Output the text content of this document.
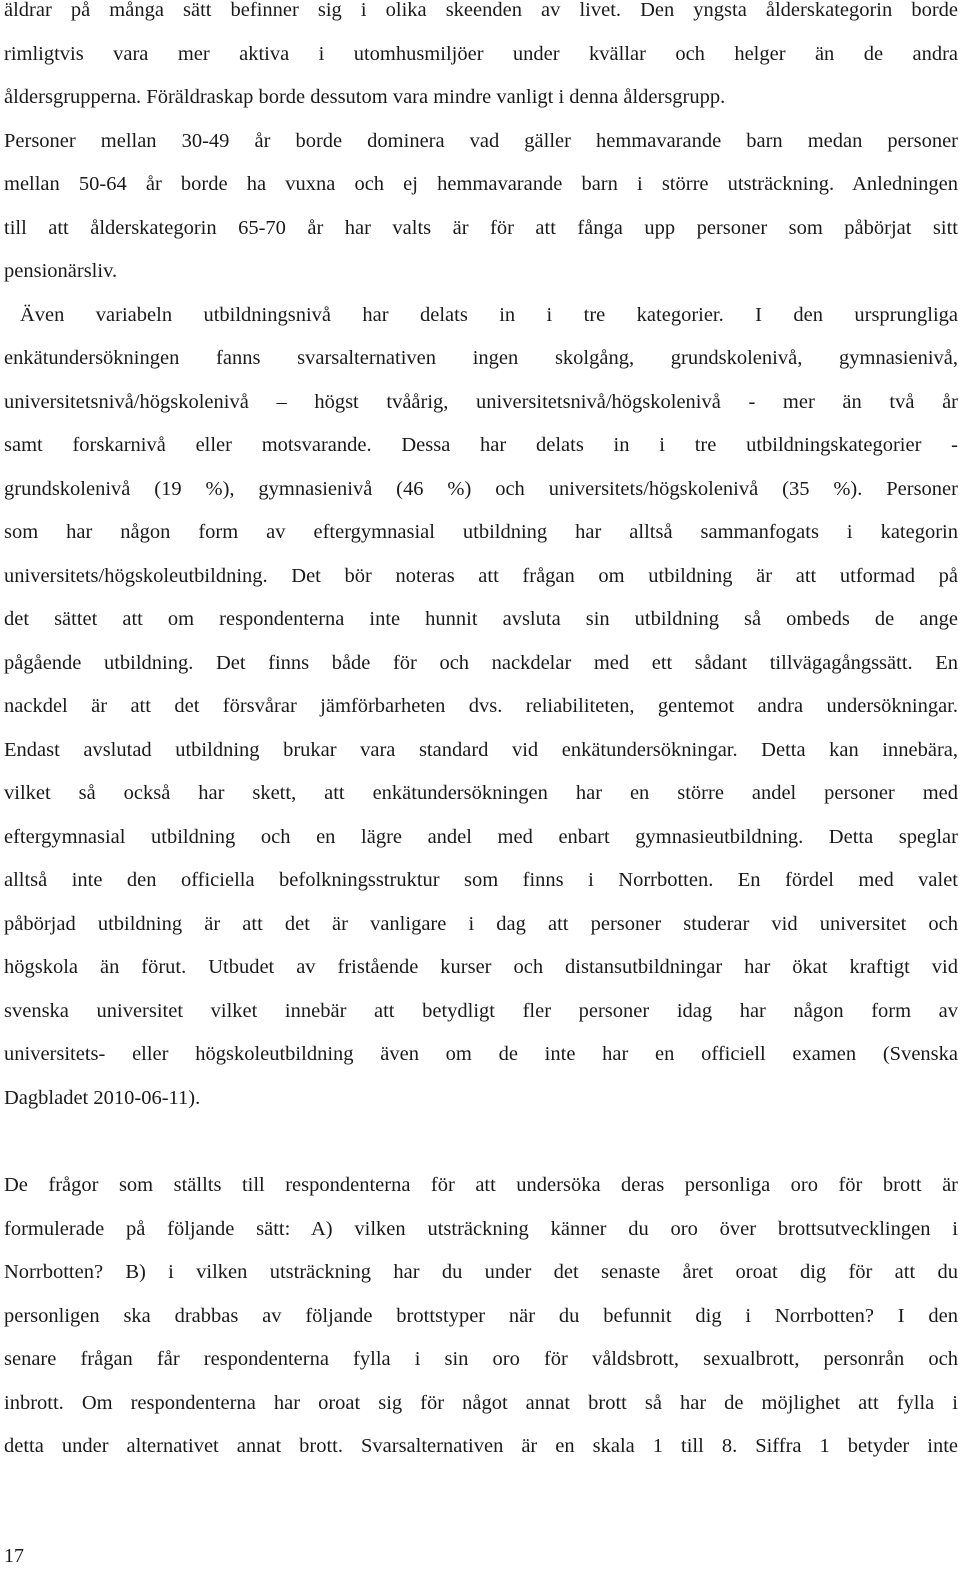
äldrar på många sätt befinner sig i olika skeenden av livet. Den yngsta ålderskategorin borde
rimligtvis vara mer aktiva i utomhusmiljöer under kvällar och helger än de andra
åldersgrupperna. Föräldraskap borde dessutom vara mindre vanligt i denna åldersgrupp.
Personer mellan 30-49 år borde dominera vad gäller hemmavarande barn medan personer
mellan 50-64 år borde ha vuxna och ej hemmavarande barn i större utsträckning. Anledningen
till att ålderskategorin 65-70 år har valts är för att fånga upp personer som påbörjat sitt
pensionärsliv.
Även variabeln utbildningsnivå har delats in i tre kategorier. I den ursprungliga
enkätundersökningen fanns svarsalternativen ingen skolgång, grundskolenivå, gymnasienivå,
universitetsnivå/högskolenivå – högst tvåårig, universitetsnivå/högskolenivå - mer än två år
samt forskarnivå eller motsvarande. Dessa har delats in i tre utbildningskategorier -
grundskolenivå (19 %), gymnasienivå (46 %) och universitets/högskolenivå (35 %). Personer
som har någon form av eftergymnasial utbildning har alltså sammanfogats i kategorin
universitets/högskoleutbildning. Det bör noteras att frågan om utbildning är att utformad på
det sättet att om respondenterna inte hunnit avsluta sin utbildning så ombeds de ange
pågående utbildning. Det finns både för och nackdelar med ett sådant tillvägagångssätt. En
nackdel är att det försvårar jämförbarheten dvs. reliabiliteten, gentemot andra undersökningar.
Endast avslutad utbildning brukar vara standard vid enkätundersökningar. Detta kan innebära,
vilket så också har skett, att enkätundersökningen har en större andel personer med
eftergymnasial utbildning och en lägre andel med enbart gymnasieutbildning. Detta speglar
alltså inte den officiella befolkningsstruktur som finns i Norrbotten. En fördel med valet
påbörjad utbildning är att det är vanligare i dag att personer studerar vid universitet och
högskola än förut. Utbudet av fristående kurser och distansutbildningar har ökat kraftigt vid
svenska universitet vilket innebär att betydligt fler personer idag har någon form av
universitets- eller högskoleutbildning även om de inte har en officiell examen (Svenska
Dagbladet 2010-06-11).
De frågor som ställts till respondenterna för att undersöka deras personliga oro för brott är
formulerade på följande sätt: A) vilken utsträckning känner du oro över brottsutvecklingen i
Norrbotten? B) i vilken utsträckning har du under det senaste året oroat dig för att du
personligen ska drabbas av följande brottstyper när du befunnit dig i Norrbotten? I den
senare frågan får respondenterna fylla i sin oro för våldsbrott, sexualbrott, personrån och
inbrott. Om respondenterna har oroat sig för något annat brott så har de möjlighet att fylla i
detta under alternativet annat brott. Svarsalternativen är en skala 1 till 8. Siffra 1 betyder inte
17
